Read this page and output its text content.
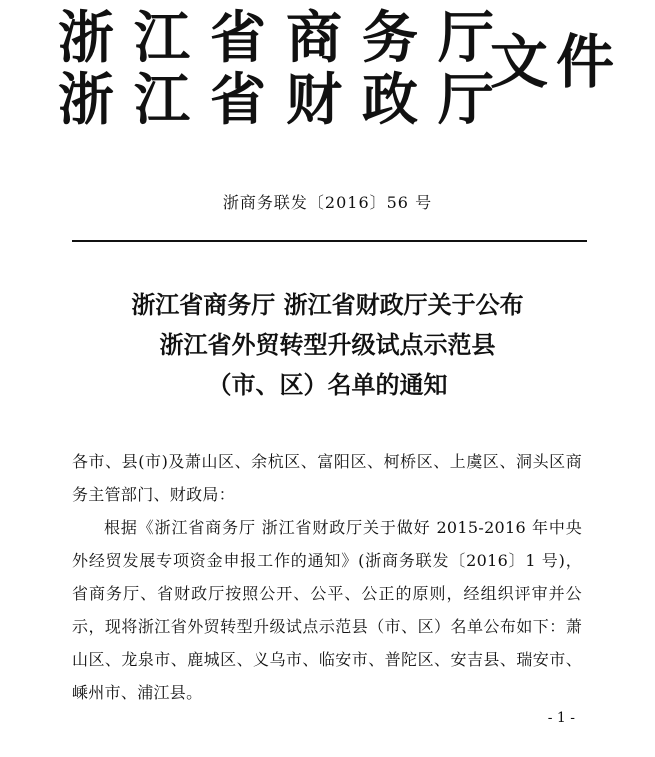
浙江省商务厅
浙江省财政厅
文件
浙商务联发〔2016〕56 号
浙江省商务厅 浙江省财政厅关于公布
浙江省外贸转型升级试点示范县
（市、区）名单的通知

各市、县(市)及萧山区、余杭区、富阳区、柯桥区、上虞区、洞头区商务主管部门、财政局：

根据《浙江省商务厅 浙江省财政厅关于做好 2015-2016 年中央外经贸发展专项资金申报工作的通知》(浙商务联发〔2016〕1 号)，省商务厅、省财政厅按照公开、公平、公正的原则，经组织评审并公示，现将浙江省外贸转型升级试点示范县（市、区）名单公布如下：萧山区、龙泉市、鹿城区、义乌市、临安市、普陀区、安吉县、瑞安市、嵊州市、浦江县。

- 1 -
